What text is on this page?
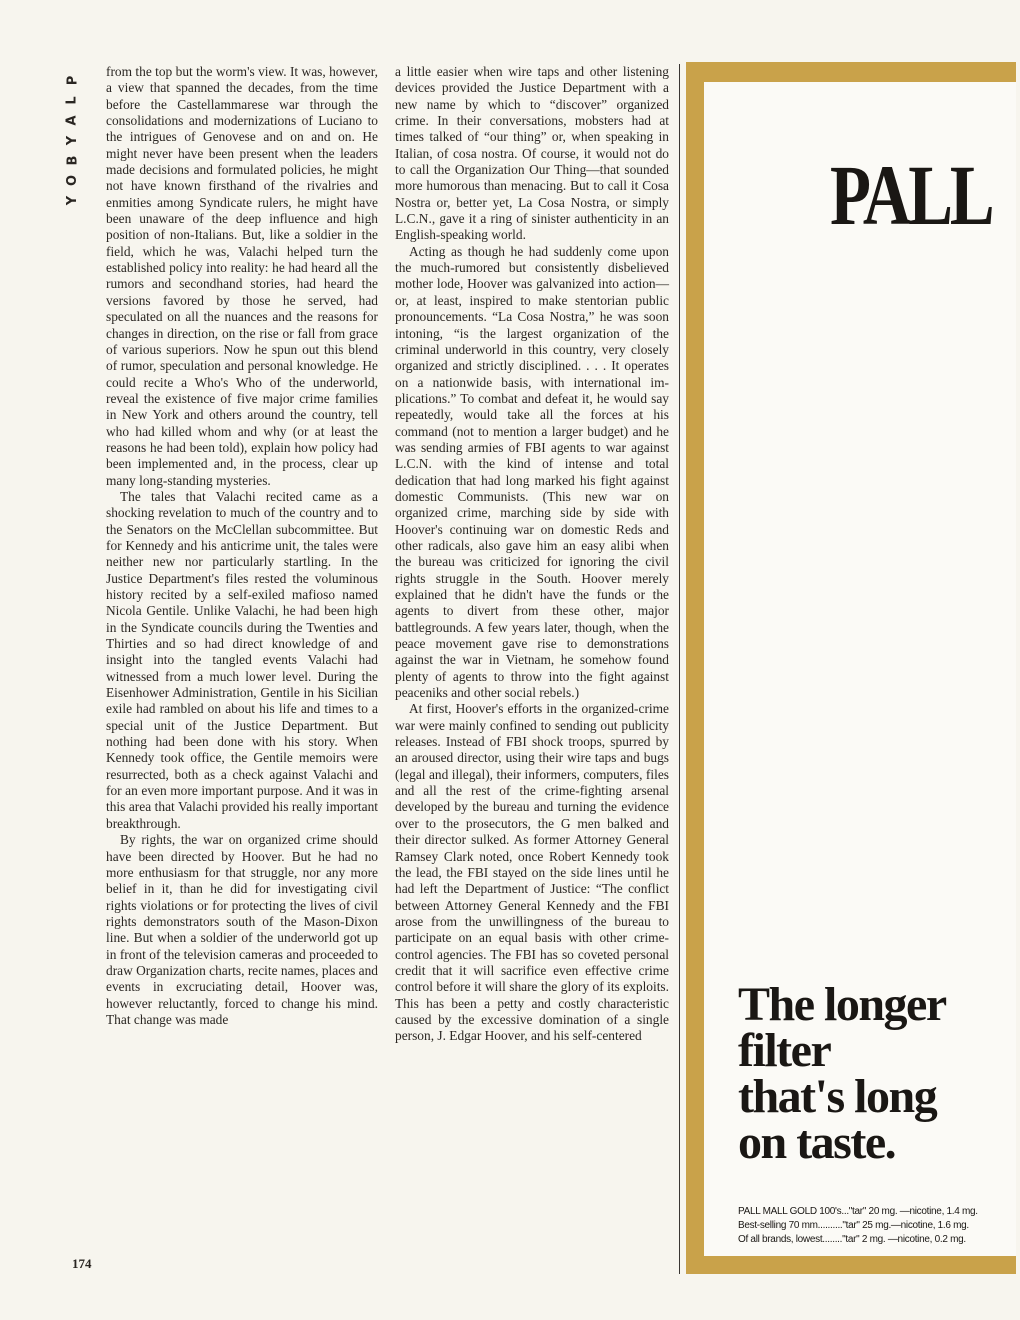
P
L
A
Y
B
O
Y

from the top but the worm's view. It was, however, a view that spanned the decades, from the time before the Castellammarese war through the consolidations and modernizations of Luciano to the intrigues of Genovese and on and on. He might never have been present when the leaders made decisions and formulated policies, he might not have known firsthand of the rivalries and enmities among Syndicate rulers, he might have been unaware of the deep influence and high position of non-Italians. But, like a soldier in the field, which he was, Valachi helped turn the established policy into reality: he had heard all the rumors and secondhand stories, had heard the versions favored by those he served, had speculated on all the nuances and the reasons for changes in direction, on the rise or fall from grace of various superiors. Now he spun out this blend of rumor, speculation and personal knowledge. He could recite a Who's Who of the underworld, reveal the existence of five major crime families in New York and others around the country, tell who had killed whom and why (or at least the reasons he had been told), explain how policy had been implemented and, in the process, clear up many long-standing mysteries.

The tales that Valachi recited came as a shocking revelation to much of the country and to the Senators on the McClellan subcommittee. But for Kennedy and his anticrime unit, the tales were neither new nor particularly startling. In the Justice Department's files rested the voluminous history recited by a self-exiled mafioso named Nicola Gentile. Unlike Valachi, he had been high in the Syndicate councils during the Twenties and Thirties and so had direct knowledge of and insight into the tangled events Valachi had witnessed from a much lower level. During the Eisenhower Administration, Gentile in his Sicilian exile had rambled on about his life and times to a special unit of the Justice Department. But nothing had been done with his story. When Kennedy took office, the Gentile memoirs were resurrected, both as a check against Valachi and for an even more important purpose. And it was in this area that Valachi provided his really important breakthrough.

By rights, the war on organized crime should have been directed by Hoover. But he had no more enthusiasm for that struggle, nor any more belief in it, than he did for investigating civil rights violations or for protecting the lives of civil rights demonstrators south of the Mason-Dixon line. But when a soldier of the underworld got up in front of the television cameras and proceeded to draw Organization charts, recite names, places and events in excruciating detail, Hoover was, however reluctantly, forced to change his mind. That change was made

a little easier when wire taps and other listening devices provided the Justice Department with a new name by which to “discover” organized crime. In their conversations, mobsters had at times talked of “our thing” or, when speaking in Italian, of cosa nostra. Of course, it would not do to call the Organization Our Thing—that sounded more humorous than menacing. But to call it Cosa Nostra or, better yet, La Cosa Nostra, or simply L.C.N., gave it a ring of sinister authenticity in an English-speaking world.

Acting as though he had suddenly come upon the much-rumored but consistently disbelieved mother lode, Hoover was galvanized into action—or, at least, inspired to make stentorian public pronouncements. “La Cosa Nostra,” he was soon intoning, “is the largest organization of the criminal underworld in this country, very closely organized and strictly disciplined. . . . It operates on a nationwide basis, with international implications.” To combat and defeat it, he would say repeatedly, would take all the forces at his command (not to mention a larger budget) and he was sending armies of FBI agents to war against L.C.N. with the kind of intense and total dedication that had long marked his fight against domestic Communists. (This new war on organized crime, marching side by side with Hoover's continuing war on domestic Reds and other radicals, also gave him an easy alibi when the bureau was criticized for ignoring the civil rights struggle in the South. Hoover merely explained that he didn't have the funds or the agents to divert from these other, major battlegrounds. A few years later, though, when the peace movement gave rise to demonstrations against the war in Vietnam, he somehow found plenty of agents to throw into the fight against peaceniks and other social rebels.)

At first, Hoover's efforts in the organized-crime war were mainly confined to sending out publicity releases. Instead of FBI shock troops, spurred by an aroused director, using their wire taps and bugs (legal and illegal), their informers, computers, files and all the rest of the crime-fighting arsenal developed by the bureau and turning the evidence over to the prosecutors, the G men balked and their director sulked. As former Attorney General Ramsey Clark noted, once Robert Kennedy took the lead, the FBI stayed on the side lines until he had left the Department of Justice: “The conflict between Attorney General Kennedy and the FBI arose from the unwillingness of the bureau to participate on an equal basis with other crime-control agencies. The FBI has so coveted personal credit that it will sacrifice even effective crime control before it will share the glory of its exploits. This has been a petty and costly characteristic caused by the excessive domination of a single person, J. Edgar Hoover, and his self-centered

174
PALL
The longer
filter
that's long
on taste.
PALL MALL GOLD 100's..."tar" 20 mg. —nicotine, 1.4 mg.
Best-selling 70 mm.........."tar" 25 mg.—nicotine, 1.6 mg.
Of all brands, lowest........"tar" 2 mg. —nicotine, 0.2 mg.
